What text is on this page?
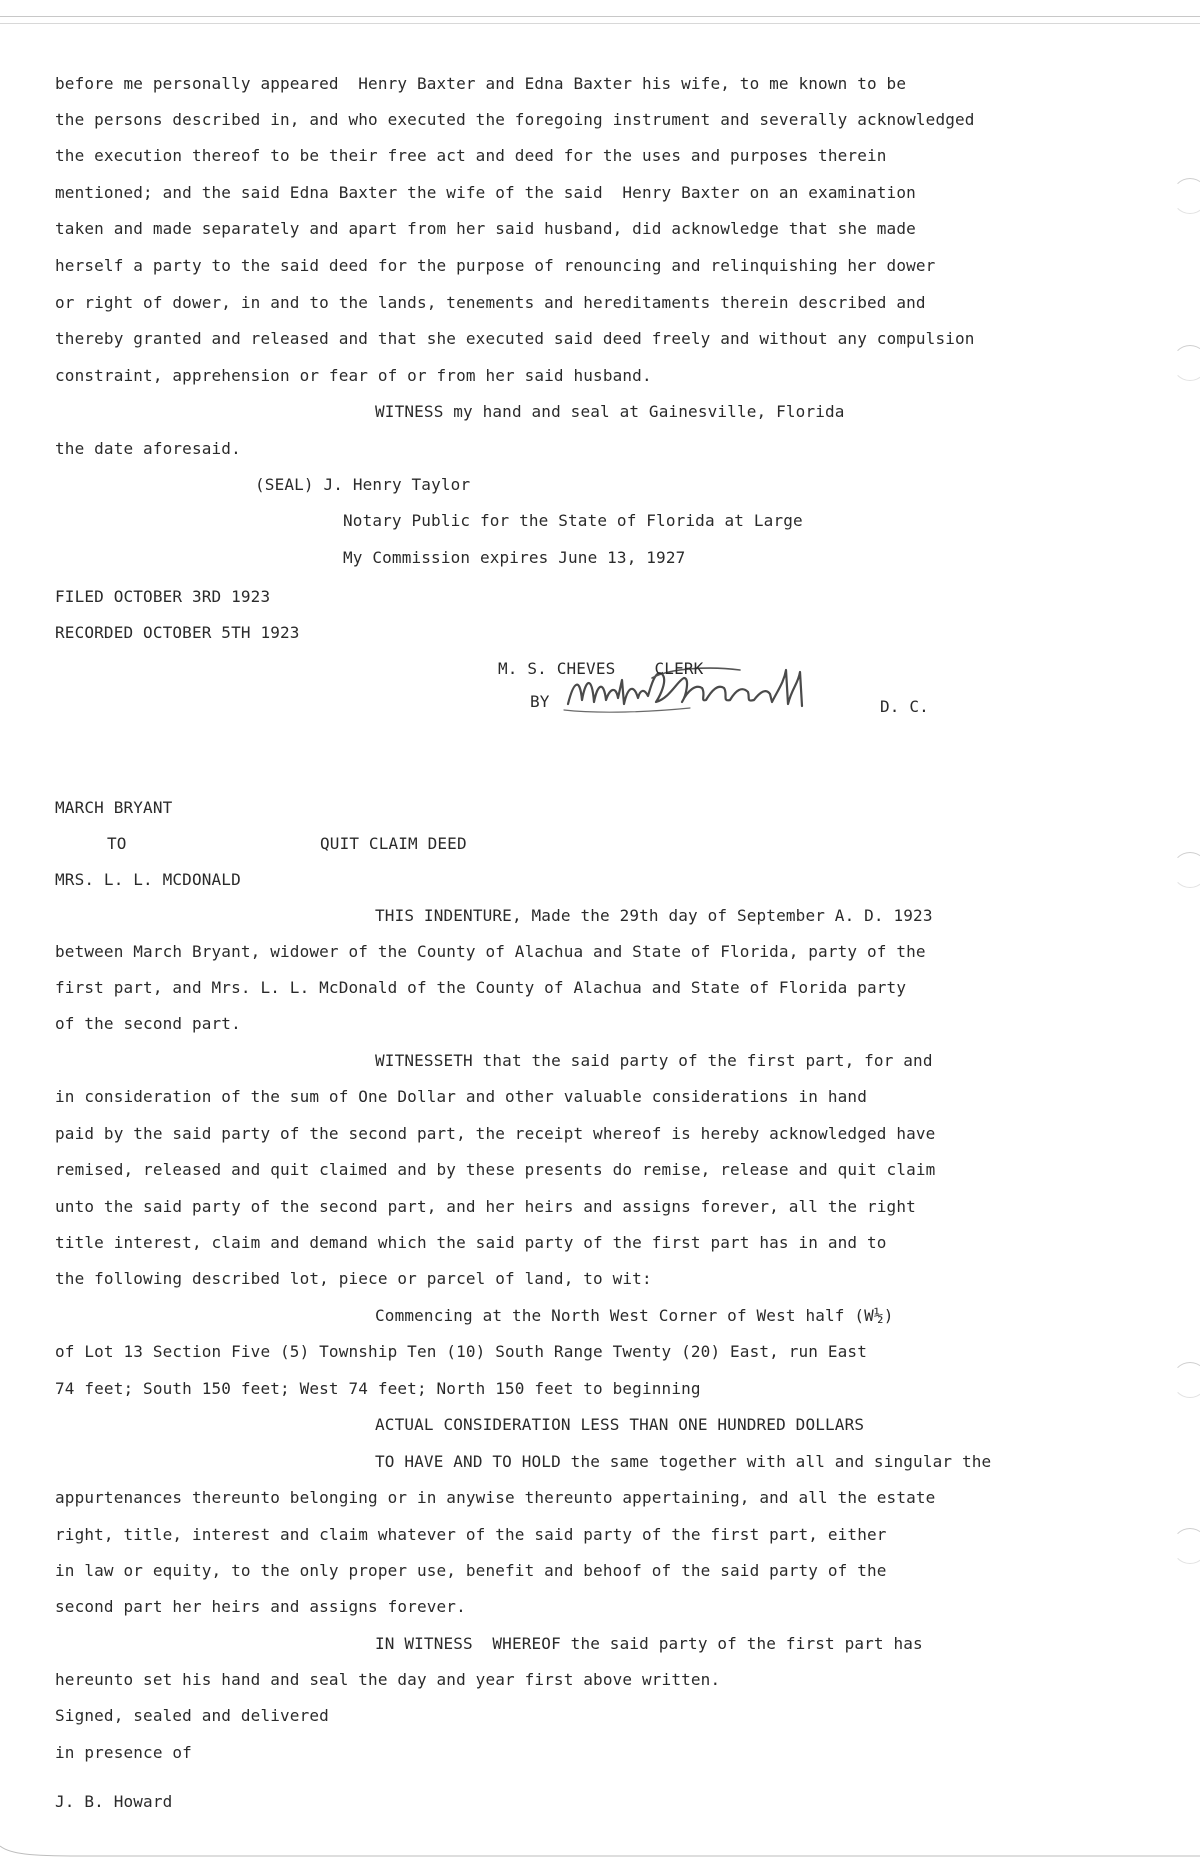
before me personally appeared  Henry Baxter and Edna Baxter his wife, to me known to be
the persons described in, and who executed the foregoing instrument and severally acknowledged
the execution thereof to be their free act and deed for the uses and purposes therein
mentioned; and the said Edna Baxter the wife of the said  Henry Baxter on an examination
taken and made separately and apart from her said husband, did acknowledge that she made
herself a party to the said deed for the purpose of renouncing and relinquishing her dower
or right of dower, in and to the lands, tenements and hereditaments therein described and
thereby granted and released and that she executed said deed freely and without any compulsion
constraint, apprehension or fear of or from her said husband.
WITNESS my hand and seal at Gainesville, Florida
the date aforesaid.
(SEAL) J. Henry Taylor
Notary Public for the State of Florida at Large
My Commission expires June 13, 1927
FILED OCTOBER 3RD 1923
RECORDED OCTOBER 5TH 1923
M. S. CHEVES    CLERK
BY	D. C.
MARCH BRYANT
TO	QUIT CLAIM DEED
MRS. L. L. MCDONALD
THIS INDENTURE, Made the 29th day of September A. D. 1923
between March Bryant, widower of the County of Alachua and State of Florida, party of the
first part, and Mrs. L. L. McDonald of the County of Alachua and State of Florida party
of the second part.
WITNESSETH that the said party of the first part, for and
in consideration of the sum of One Dollar and other valuable considerations in hand
paid by the said party of the second part, the receipt whereof is hereby acknowledged have
remised, released and quit claimed and by these presents do remise, release and quit claim
unto the said party of the second part, and her heirs and assigns forever, all the right
title interest, claim and demand which the said party of the first part has in and to
the following described lot, piece or parcel of land, to wit:
Commencing at the North West Corner of West half (W½)
of Lot 13 Section Five (5) Township Ten (10) South Range Twenty (20) East, run East
74 feet; South 150 feet; West 74 feet; North 150 feet to beginning
ACTUAL CONSIDERATION LESS THAN ONE HUNDRED DOLLARS
TO HAVE AND TO HOLD the same together with all and singular the
appurtenances thereunto belonging or in anywise thereunto appertaining, and all the estate
right, title, interest and claim whatever of the said party of the first part, either
in law or equity, to the only proper use, benefit and behoof of the said party of the
second part her heirs and assigns forever.
IN WITNESS  WHEREOF the said party of the first part has
hereunto set his hand and seal the day and year first above written.
Signed, sealed and delivered
in presence of
J. B. Howard
